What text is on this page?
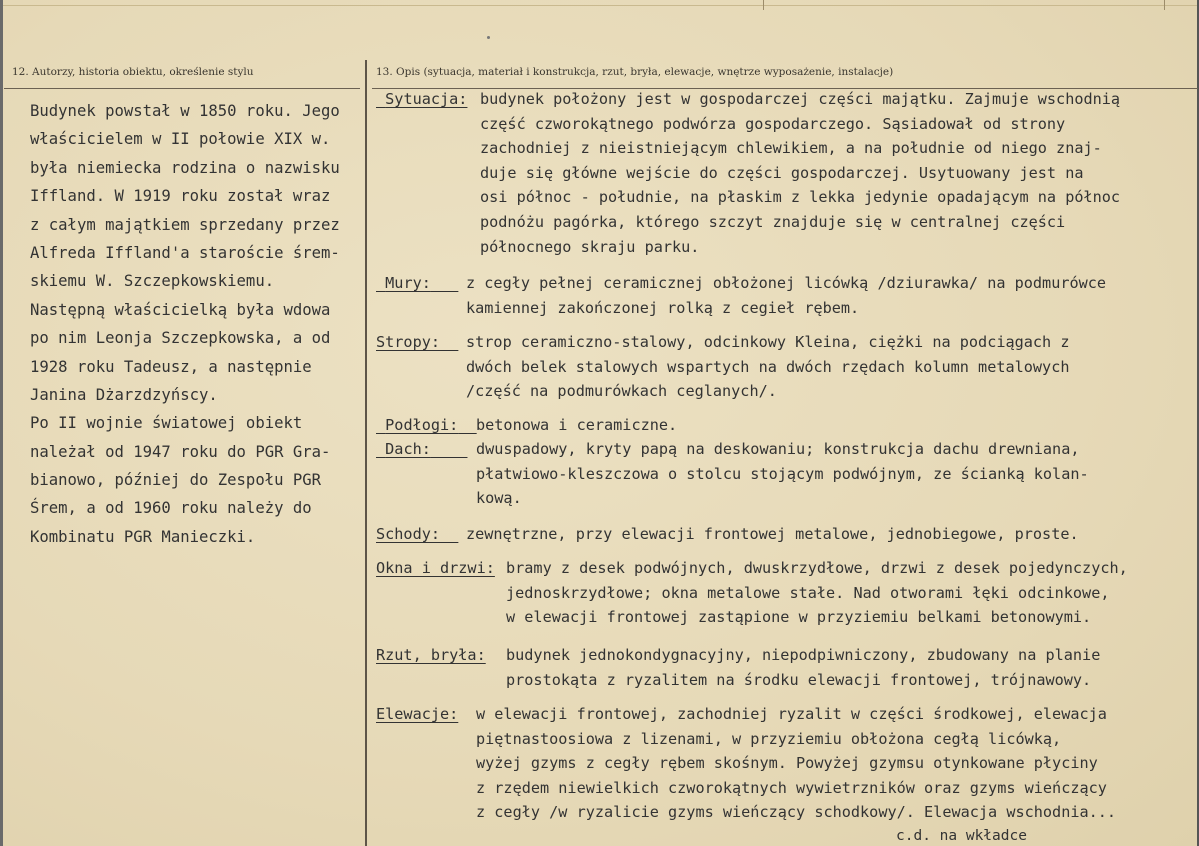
12. Autorzy, historia obiektu, określenie stylu	13. Opis (sytuacja, materiał i konstrukcja, rzut, bryła, elewacje, wnętrze wyposażenie, instalacje)
Budynek powstał w 1850 roku. Jego
właścicielem w II połowie XIX w.
była niemiecka rodzina o nazwisku
Iffland. W 1919 roku został wraz
z całym majątkiem sprzedany przez
Alfreda Iffland'a staroście śrem-
skiemu W. Szczepkowskiemu.
Następną właścicielką była wdowa
po nim Leonja Szczepkowska, a od
1928 roku Tadeusz, a następnie
Janina Dżarzdzyńscy.
Po II wojnie światowej obiekt
należał od 1947 roku do PGR Gra-
bianowo, później do Zespołu PGR
Śrem, a od 1960 roku należy do
Kombinatu PGR Manieczki.
_Sytuacja: budynek położony jest w gospodarczej części majątku. Zajmuje wschodnią
część czworokątnego podwórza gospodarczego. Sąsiadował od strony
zachodniej z nieistniejącym chlewikiem, a na południe od niego znaj-
duje się główne wejście do części gospodarczej. Usytuowany jest na
osi północ - południe, na płaskim z lekka jedynie opadającym na północ
podnóżu pagórka, którego szczyt znajduje się w centralnej części
północnego skraju parku.
_Mury:___ z cegły pełnej ceramicznej obłożonej licówką /dziurawka/ na podmurówce
kamiennej zakończonej rolką z cegieł rębem.
Stropy:__ strop ceramiczno-stalowy, odcinkowy Kleina, ciężki na podciągach z
dwóch belek stalowych wspartych na dwóch rzędach kolumn metalowych
/część na podmurówkach ceglanych/.
_Podłogi:__ betonowa i ceramiczne.
_Dach:____ dwuspadowy, kryty papą na deskowaniu; konstrukcja dachu drewniana,
płatwiowo-kleszczowa o stolcu stojącym podwójnym, ze ścianką kolan-
kową.
Schody:__ zewnętrzne, przy elewacji frontowej metalowe, jednobiegowe, proste.
Okna i drzwi: bramy z desek podwójnych, dwuskrzydłowe, drzwi z desek pojedynczych,
jednoskrzydłowe; okna metalowe stałe. Nad otworami łęki odcinkowe,
w elewacji frontowej zastąpione w przyziemiu belkami betonowymi.
Rzut, bryła: budynek jednokondygnacyjny, niepodpiwniczony, zbudowany na planie
prostokąta z ryzalitem na środku elewacji frontowej, trójnawowy.
Elewacje: w elewacji frontowej, zachodniej ryzalit w części środkowej, elewacja
piętnastoosiowa z lizenami, w przyziemiu obłożona cegłą licówką,
wyżej gzyms z cegły rębem skośnym. Powyżej gzymsu otynkowane płyciny
z rzędem niewielkich czworokątnych wywietrzników oraz gzyms wieńczący
z cegły /w ryzalicie gzyms wieńczący schodkowy/. Elewacja wschodnia...
c.d. na wkładce
